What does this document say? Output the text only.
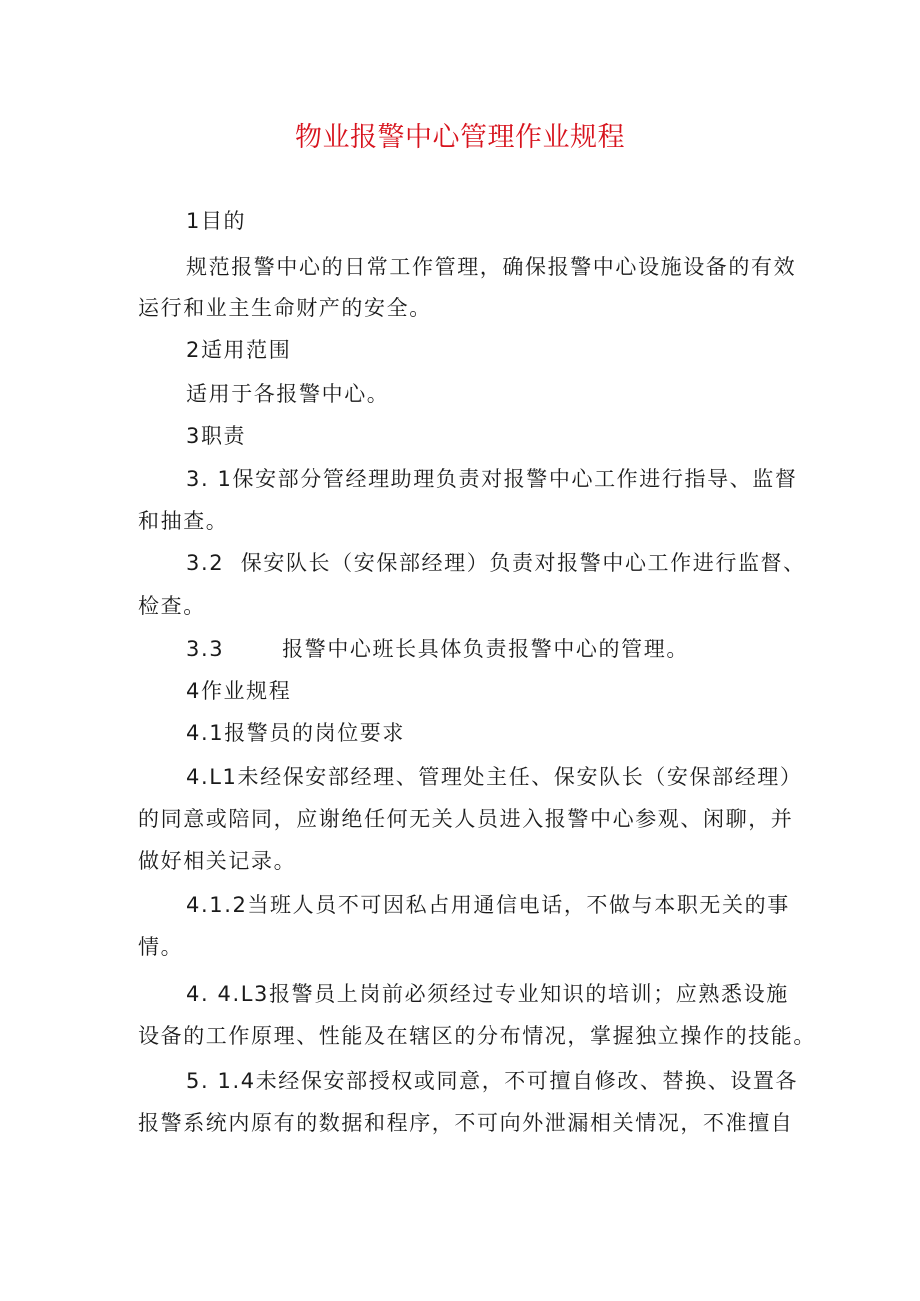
物业报警中心管理作业规程
1目的
规范报警中心的日常工作管理，确保报警中心设施设备的有效
运行和业主生命财产的安全。
2适用范围
适用于各报警中心。
3职责
3. 1保安部分管经理助理负责对报警中心工作进行指导、监督
和抽查。
3.2  保安队长（安保部经理）负责对报警中心工作进行监督、
检查。
3.3       报警中心班长具体负责报警中心的管理。
4作业规程
4.1报警员的岗位要求
4.L1未经保安部经理、管理处主任、保安队长（安保部经理）
的同意或陪同，应谢绝任何无关人员进入报警中心参观、闲聊，并
做好相关记录。
4.1.2当班人员不可因私占用通信电话，不做与本职无关的事
情。
4. 4.L3报警员上岗前必须经过专业知识的培训；应熟悉设施
设备的工作原理、性能及在辖区的分布情况，掌握独立操作的技能。
5. 1.4未经保安部授权或同意，不可擅自修改、替换、设置各
报警系统内原有的数据和程序，不可向外泄漏相关情况，不准擅自
